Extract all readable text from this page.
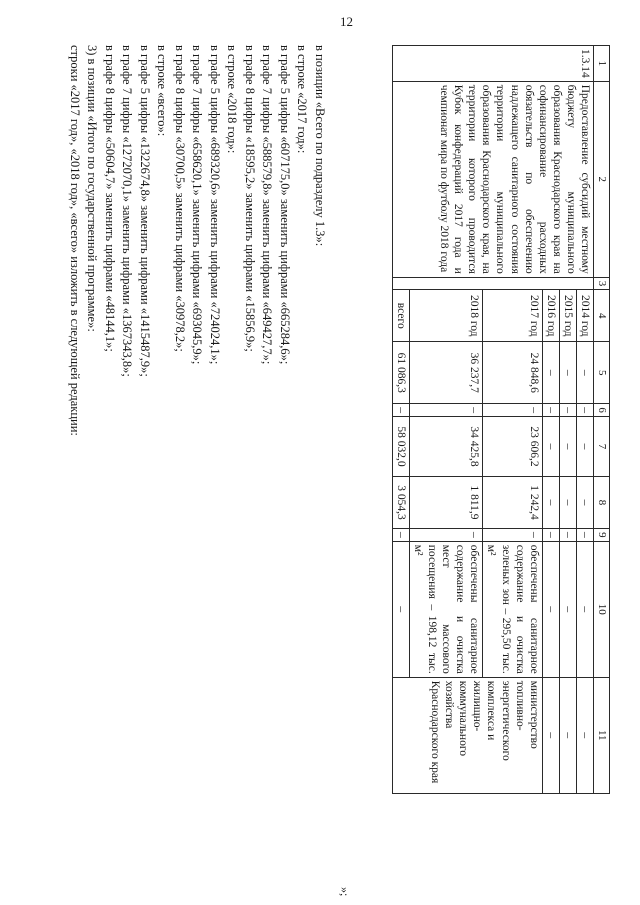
12
1	2	3	4	5	6	7	8	9	10	11
1.3.14	Предоставление субсидий местному бюджету муниципального образования Краснодарского края на софинансирование расходных обязательств по обеспечению надлежащего санитарного состояния территории муниципального образования Краснодарского края, на территории которого проводится Кубок конфедераций 2017 года и чемпионат мира по футболу 2018 года		2014 год	–	–	–	–	–	–	–
			2015 год	–	–	–	–	–	–	–
			2016 год	–	–	–	–	–	–	–
			2017 год	24 848,6	–	23 606,2	1 242,4	–	обеспечены санитарное содержание и очистка зеленых зон – 295,50 тыс. м²	министерство топливно-энергетического комплекса и жилищно-коммунального хозяйства Краснодарского края
			2018 год	36 237,7	–	34 425,8	1 811,9	–	обеспечены санитарное содержание и очистка мест массового посещения – 198,12 тыс. м²	
			всего	61 086,3	–	58 032,0	3 054,3	–	–	
»;
в позиции «Всего по подразделу 1.3»:
в строке «2017 год»:
в графе 5 цифры «607175,0» заменить цифрами «665284,6»;
в графе 7 цифры «588579,8» заменить цифрами «649427,7»;
в графе 8 цифры «18595,2» заменить цифрами «15856,9»;
в строке «2018 год»:
в графе 5 цифры «689320,6» заменить цифрами «724024,1»;
в графе 7 цифры «658620,1» заменить цифрами «693045,9»;
в графе 8 цифры «30700,5» заменить цифрами «30978,2»;
в строке «всего»:
в графе 5 цифры «1322674,8» заменить цифрами «1415487,9»;
в графе 7 цифры «1272070,1» заменить цифрами «1367343,8»;
в графе 8 цифры «50604,7» заменить цифрами «48144,1»;
3) в позиции «Итого по государственной программе»:
строки «2017 год», «2018 год», «всего» изложить в следующей редакции:
